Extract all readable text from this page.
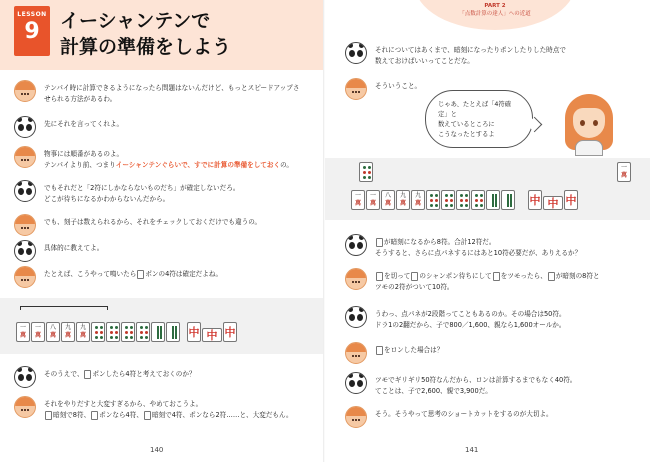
LESSON
9	イーシャンテンで
計算の準備をしよう
テンパイ時に計算できるようになったら問題はないんだけど、もっとスピードアップさ
せられる方法があるわ。
先にそれを言ってくれよ。
物事には順番があるのよ。
テンパイより前、つまりイーシャンテンぐらいで、すでに計算の準備をしておくの。
でもそれだと「2符にしかならないものだち」が確定しないだろ。
どこが待ちになるかわからないんだから。
でも、刻子は数えられるから、それをチェックしておくだけでも違うの。
具体的に教えてよ。
たとえば、こうやって鳴いたら ポンの4符は確定だよね。
一
萬
一
萬
八
萬
九
萬
九
萬	中 中 中
そのうえで、 ポンしたら4符と考えておくのか？
それをやりだすと大変すぎるから、やめておこうよ。
暗刻で8符、 ポンなら4符、 暗刻で4符、ポンなら2符……と、大変だもん。
140
PART 2
「点数計算の達人」への近道
それについてはあくまで、暗刻になったりポンしたりした時点で
数えておけばいいってことだな。
そういうこと。
じゃあ、たとえば「4符確定」と
数えているところに
こうなったとするよ
一
萬
一
萬
一
萬
八
萬
九
萬
九
萬	中 中 中
が暗刻になるから8符。合計12符だ。
そうすると、さらに点パネするにはあと10符必要だが、ありえるか？
を切って のシャンポン待ちにして をツモったら、 が暗刻の8符と
ツモの2符がついて10符。
うわっ、点パネが2段階ってこともあるのか。その場合は50符。
ドラ1の2翻だから、子で800／1,600、親なら1,600オールか。
をロンした場合は？
ツモでギリギリ50符なんだから、ロンは計算するまでもなく40符。
てことは、子で2,600、親で3,900だ。
そう。そうやって思考のショートカットをするのが大切よ。
141
